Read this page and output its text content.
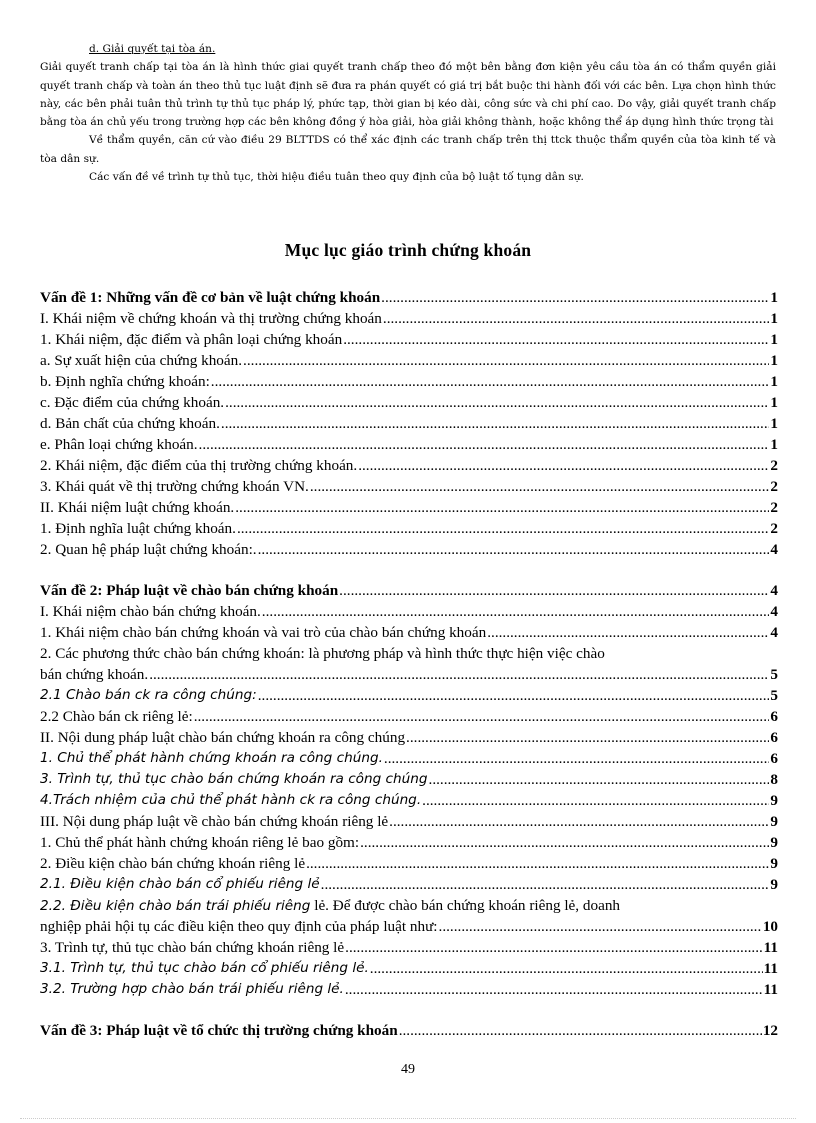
d. Giải quyết tại tòa án.

Giải quyết tranh chấp tại tòa án là hình thức giai quyết tranh chấp theo đó một bên bằng đơn kiện yêu cầu tòa án có thẩm quyền giải quyết tranh chấp và toàn án theo thủ tục luật định sẽ đưa ra phán quyết có giá trị bắt buộc thi hành đối với các bên. Lựa chọn hình thức này, các bên phải tuân thủ trình tự thủ tục pháp lý, phức tạp, thời gian bị kéo dài, công sức và chi phí cao. Do vậy, giải quyết tranh chấp bằng tòa án chủ yếu trong trường hợp các bên không đồng ý hòa giải, hòa giải không thành, hoặc không thể áp dụng hình thức trọng tài

Về thẩm quyền, căn cứ vào điều 29 BLTTDS có thể xác định các tranh chấp trên thị ttck thuộc thẩm quyền của tòa kinh tế và tòa dân sự.

Các vấn đề về trình tự thủ tục, thời hiệu điều tuân theo quy định của bộ luật tố tụng dân sự.

Mục lục giáo trình chứng khoán
Vấn đề 1: Những vấn đề cơ bản về luật chứng khoán .....	1
I. Khái niệm về chứng khoán và thị trường chứng khoán .....	1
1. Khái niệm, đặc điểm và phân loại chứng khoán .....	1
a. Sự xuất hiện của chứng khoán. .....	1
b. Định nghĩa chứng khoán: .....	1
c. Đặc điểm của chứng khoán. .....	1
d. Bản chất của chứng khoán. .....	1
e. Phân loại chứng khoán. .....	1
2. Khái niệm, đặc điểm của thị trường chứng khoán. .....	2
3. Khái quát về thị trường chứng khoán VN. .....	2
II. Khái niệm luật chứng khoán. .....	2
1. Định nghĩa luật chứng khoán. .....	2
2. Quan hệ pháp luật chứng khoán:. .....	4
Vấn đề 2: Pháp luật về chào bán chứng khoán .....	4
I. Khái niệm chào bán chứng khoán. .....	4
1. Khái niệm chào bán chứng khoán và vai trò của chào bán chứng khoán .....	4
2. Các phương thức chào bán chứng khoán: là phương pháp và hình thức thực hiện việc chào
bán chứng khoán. .....	5
2.1 Chào bán ck ra công chúng: .....	5
2.2 Chào bán ck riêng lẻ: .....	6
II. Nội dung pháp luật chào bán chứng khoán ra công chúng .....	6
1. Chủ thể phát hành chứng khoán ra công chúng. .....	6
3. Trình tự, thủ tục chào bán chứng khoán ra công chúng .....	8
4.Trách nhiệm của chủ thể phát hành ck ra công chúng. .....	9
III. Nội dung pháp luật về chào bán chứng khoán riêng lẻ .....	9
1. Chủ thể phát hành chứng khoán riêng lẻ bao gồm: .....	9
2. Điều kiện chào bán chứng khoán riêng lẻ .....	9
2.1. Điều kiện chào bán cổ phiếu riêng lẻ .....	9
2.2. Điều kiện chào bán trái phiếu riêng lẻ. Để được chào bán chứng khoán riêng lẻ, doanh
nghiệp phải hội tụ các điều kiện theo quy định của pháp luật như: .....	10
3. Trình tự, thủ tục chào bán chứng khoán riêng lẻ .....	11
3.1. Trình tự, thủ tục chào bán cổ phiếu riêng lẻ. .....	11
3.2. Trường hợp chào bán trái phiếu riêng lẻ. .....	11
Vấn đề 3: Pháp luật về tổ chức thị trường chứng khoán .....	12
49
